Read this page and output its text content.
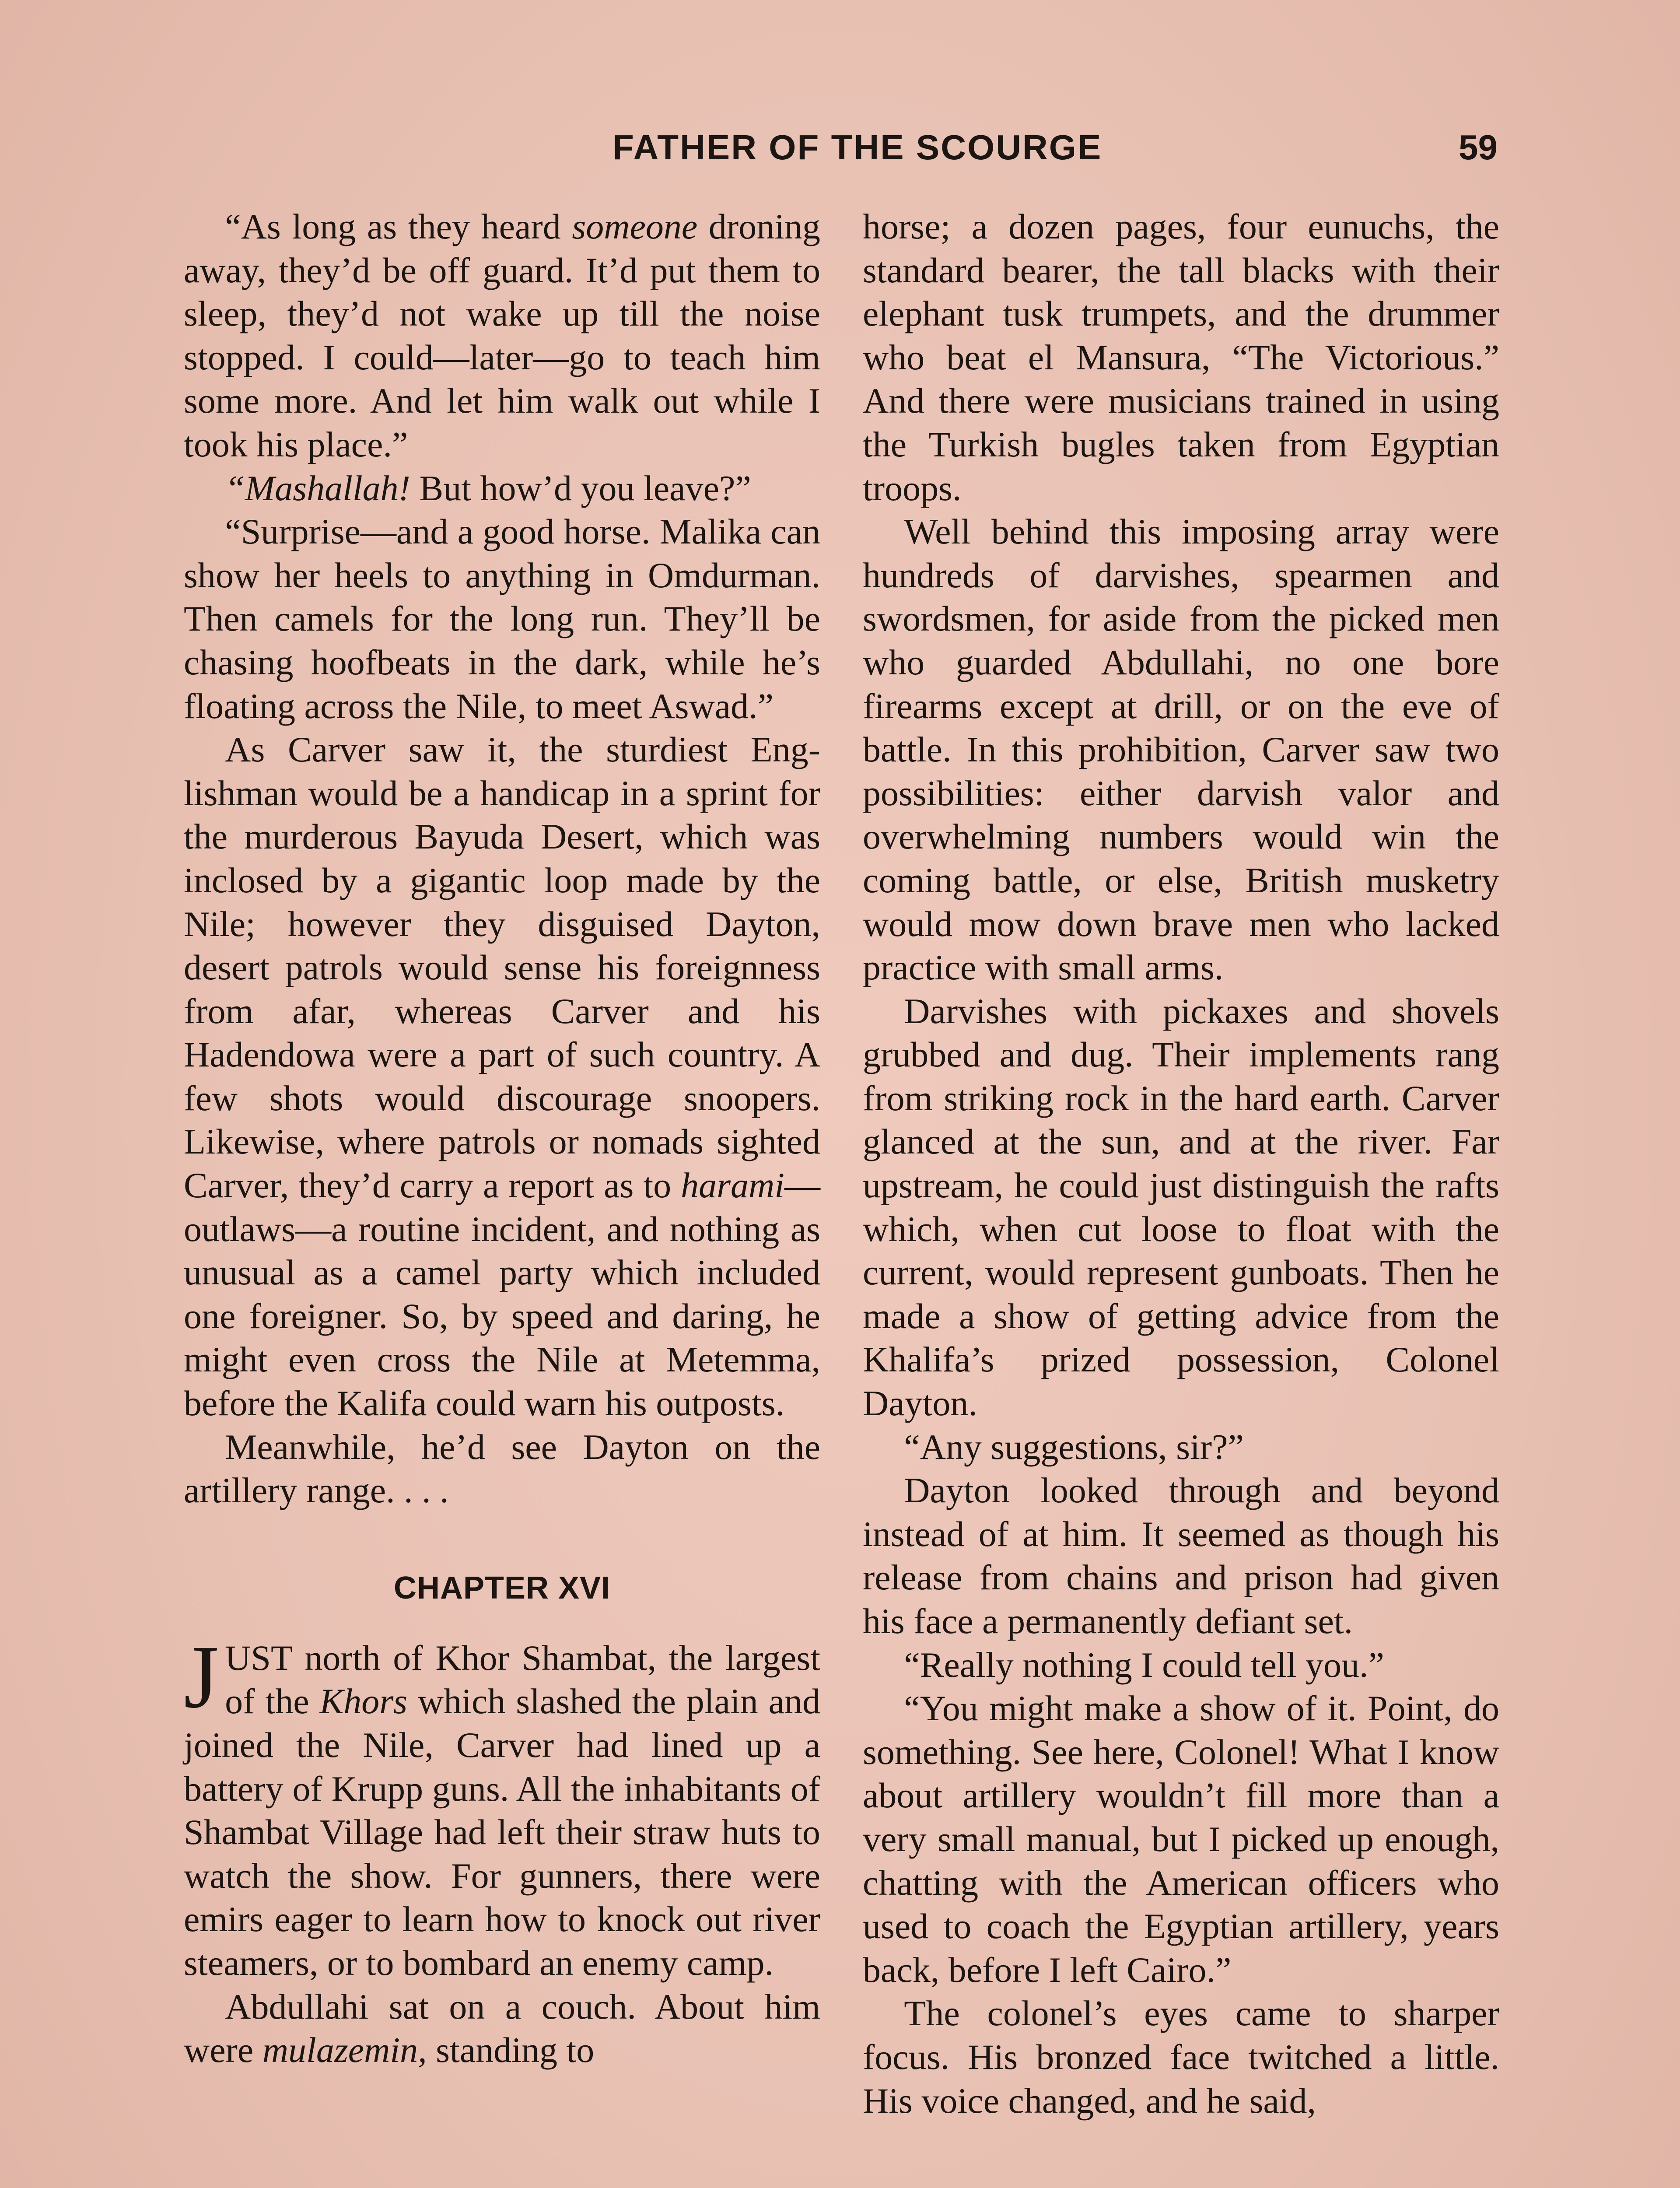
FATHER OF THE SCOURGE	59

“As long as they heard someone droning away, they’d be off guard. It’d put them to sleep, they’d not wake up till the noise stopped. I could—later—go to teach him some more. And let him walk out while I took his place.”

“Mashallah! But how’d you leave?”

“Surprise—and a good horse. Malika can show her heels to anything in Omdurman. Then camels for the long run. They’ll be chasing hoofbeats in the dark, while he’s floating across the Nile, to meet Aswad.”

As Carver saw it, the sturdiest Englishman would be a handicap in a sprint for the murderous Bayuda Desert, which was inclosed by a gigantic loop made by the Nile; however they disguised Dayton, desert patrols would sense his foreignness from afar, whereas Carver and his Hadendowa were a part of such country. A few shots would discourage snoopers. Likewise, where patrols or nomads sighted Carver, they’d carry a report as to harami—outlaws—a routine incident, and nothing as unusual as a camel party which included one foreigner. So, by speed and daring, he might even cross the Nile at Metemma, before the Kalifa could warn his outposts.

Meanwhile, he’d see Dayton on the artillery range. . . .

CHAPTER XVI

JUST north of Khor Shambat, the largest of the Khors which slashed the plain and joined the Nile, Carver had lined up a battery of Krupp guns. All the inhabitants of Shambat Village had left their straw huts to watch the show. For gunners, there were emirs eager to learn how to knock out river steamers, or to bombard an enemy camp.

Abdullahi sat on a couch. About him were mulazemin, standing to

horse; a dozen pages, four eunuchs, the standard bearer, the tall blacks with their elephant tusk trumpets, and the drummer who beat el Mansura, “The Victorious.” And there were musicians trained in using the Turkish bugles taken from Egyptian troops.

Well behind this imposing array were hundreds of darvishes, spearmen and swordsmen, for aside from the picked men who guarded Abdullahi, no one bore firearms except at drill, or on the eve of battle. In this prohibition, Carver saw two possibilities: either darvish valor and overwhelming numbers would win the coming battle, or else, British musketry would mow down brave men who lacked practice with small arms.

Darvishes with pickaxes and shovels grubbed and dug. Their implements rang from striking rock in the hard earth. Carver glanced at the sun, and at the river. Far upstream, he could just distinguish the rafts which, when cut loose to float with the current, would represent gunboats. Then he made a show of getting advice from the Khalifa’s prized possession, Colonel Dayton.

“Any suggestions, sir?”

Dayton looked through and beyond instead of at him. It seemed as though his release from chains and prison had given his face a permanently defiant set.

“Really nothing I could tell you.”

“You might make a show of it. Point, do something. See here, Colonel! What I know about artillery wouldn’t fill more than a very small manual, but I picked up enough, chatting with the American officers who used to coach the Egyptian artillery, years back, before I left Cairo.”

The colonel’s eyes came to sharper focus. His bronzed face twitched a little. His voice changed, and he said,
